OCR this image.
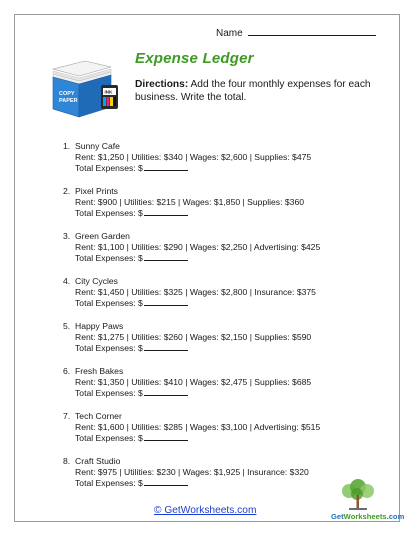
Name
COPY
PAPER
INK
Expense Ledger
Directions: Add the four monthly expenses for each business. Write the total.
1. Sunny Cafe
Rent: $1,250 | Utilities: $340 | Wages: $2,600 | Supplies: $475
Total Expenses: $
2. Pixel Prints
Rent: $900 | Utilities: $215 | Wages: $1,850 | Supplies: $360
Total Expenses: $
3. Green Garden
Rent: $1,100 | Utilities: $290 | Wages: $2,250 | Advertising: $425
Total Expenses: $
4. City Cycles
Rent: $1,450 | Utilities: $325 | Wages: $2,800 | Insurance: $375
Total Expenses: $
5. Happy Paws
Rent: $1,275 | Utilities: $260 | Wages: $2,150 | Supplies: $590
Total Expenses: $
6. Fresh Bakes
Rent: $1,350 | Utilities: $410 | Wages: $2,475 | Supplies: $685
Total Expenses: $
7. Tech Corner
Rent: $1,600 | Utilities: $285 | Wages: $3,100 | Advertising: $515
Total Expenses: $
8. Craft Studio
Rent: $975 | Utilities: $230 | Wages: $1,925 | Insurance: $320
Total Expenses: $
© GetWorksheets.com
GetWorksheets.com
